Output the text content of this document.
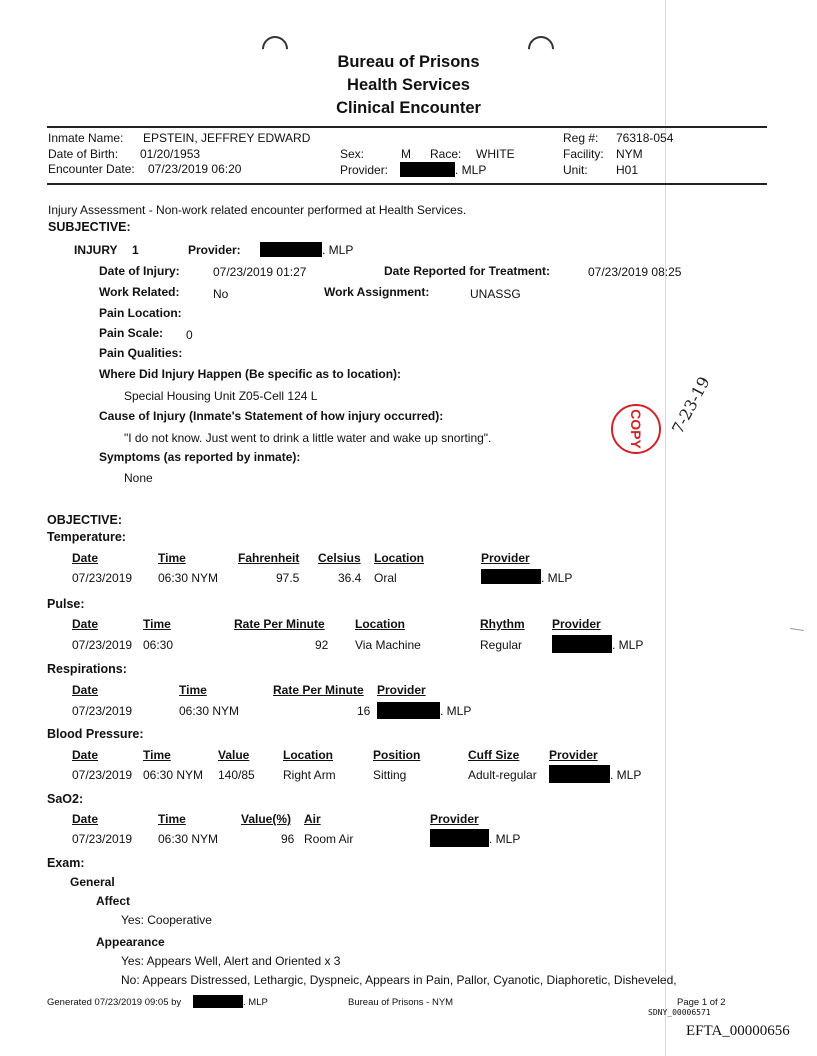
Bureau of Prisons
Health Services
Clinical Encounter
Inmate Name: EPSTEIN, JEFFREY EDWARD
Date of Birth: 01/20/1953
Encounter Date: 07/23/2019 06:20
Sex:	M Race: WHITE
Provider:	. MLP
Reg #: 76318-054
Facility: NYM
Unit: H01
Injury Assessment - Non-work related encounter performed at Health Services.
SUBJECTIVE:
INJURY 1	Provider:	. MLP
Date of Injury:	07/23/2019 01:27	Date Reported for Treatment:	07/23/2019 08:25
Work Related:	No	Work Assignment:	UNASSG
Pain Location:
Pain Scale: 0
Pain Qualities:
Where Did Injury Happen (Be specific as to location):
Special Housing Unit Z05-Cell 124 L
Cause of Injury (Inmate's Statement of how injury occurred):
"I do not know. Just went to drink a little water and wake up snorting".
Symptoms (as reported by inmate):
None
COPY 7-23-19
OBJECTIVE:
Temperature:
Date	Time	Fahrenheit Celsius Location	Provider
07/23/2019 06:30 NYM	97.5	36.4 Oral	. MLP
Pulse:
Date	Time	Rate Per Minute	Location	Rhythm Provider
07/23/2019 06:30	92 Via Machine	Regular	. MLP
Respirations:
Date	Time	Rate Per Minute Provider
07/23/2019	06:30 NYM	16	. MLP
Blood Pressure:
Date	Time	Value	Location	Position	Cuff Size Provider
07/23/2019 06:30 NYM 140/85 Right Arm	Sitting	Adult-regular	. MLP
SaO2:
Date	Time	Value(%) Air	Provider
07/23/2019 06:30 NYM	96 Room Air	. MLP
Exam:
General
Affect
Yes: Cooperative
Appearance
Yes: Appears Well, Alert and Oriented x 3
No: Appears Distressed, Lethargic, Dyspneic, Appears in Pain, Pallor, Cyanotic, Diaphoretic, Disheveled,
Generated 07/23/2019 09:05 by	. MLP	Bureau of Prisons - NYM	Page 1 of 2
SDNY_00006571
EFTA_00000656
